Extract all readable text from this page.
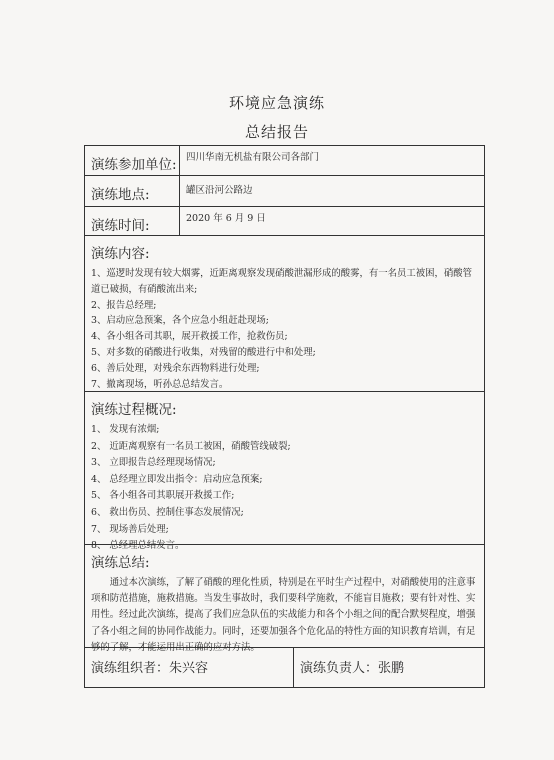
环境应急演练
总结报告
演练参加单位: 四川华南无机盐有限公司各部门
演练地点:	罐区沿河公路边
演练时间:	2020 年 6 月 9 日
演练内容:
1、巡逻时发现有较大烟雾，近距离观察发现硝酸泄漏形成的酸雾，有一名员工被困，硝酸管道已破损，有硝酸流出来;
2、报告总经理;
3、启动应急预案，各个应急小组赶赴现场;
4、各小组各司其职，展开救援工作，抢救伤员;
5、对多数的硝酸进行收集，对残留的酸进行中和处理;
6、善后处理，对残余东西物料进行处理;
7、撤离现场，听孙总总结发言。
演练过程概况:
1、 发现有浓烟;
2、 近距离观察有一名员工被困，硝酸管线破裂;
3、 立即报告总经理现场情况;
4、 总经理立即发出指令：启动应急预案;
5、 各小组各司其职展开救援工作;
6、 救出伤员、控制住事态发展情况;
7、 现场善后处理;
8、 总经理总结发言。
演练总结:
通过本次演练，了解了硝酸的理化性质，特别是在平时生产过程中，对硝酸使用的注意事项和防范措施，施救措施。当发生事故时，我们要科学施救，不能盲目施救；要有针对性、实用性。经过此次演练，提高了我们应急队伍的实战能力和各个小组之间的配合默契程度，增强了各小组之间的协同作战能力。同时，还要加强各个危化品的特性方面的知识教育培训，有足够的了解，才能运用出正确的应对方法。
演练组织者：朱兴容	演练负责人：张鹏
